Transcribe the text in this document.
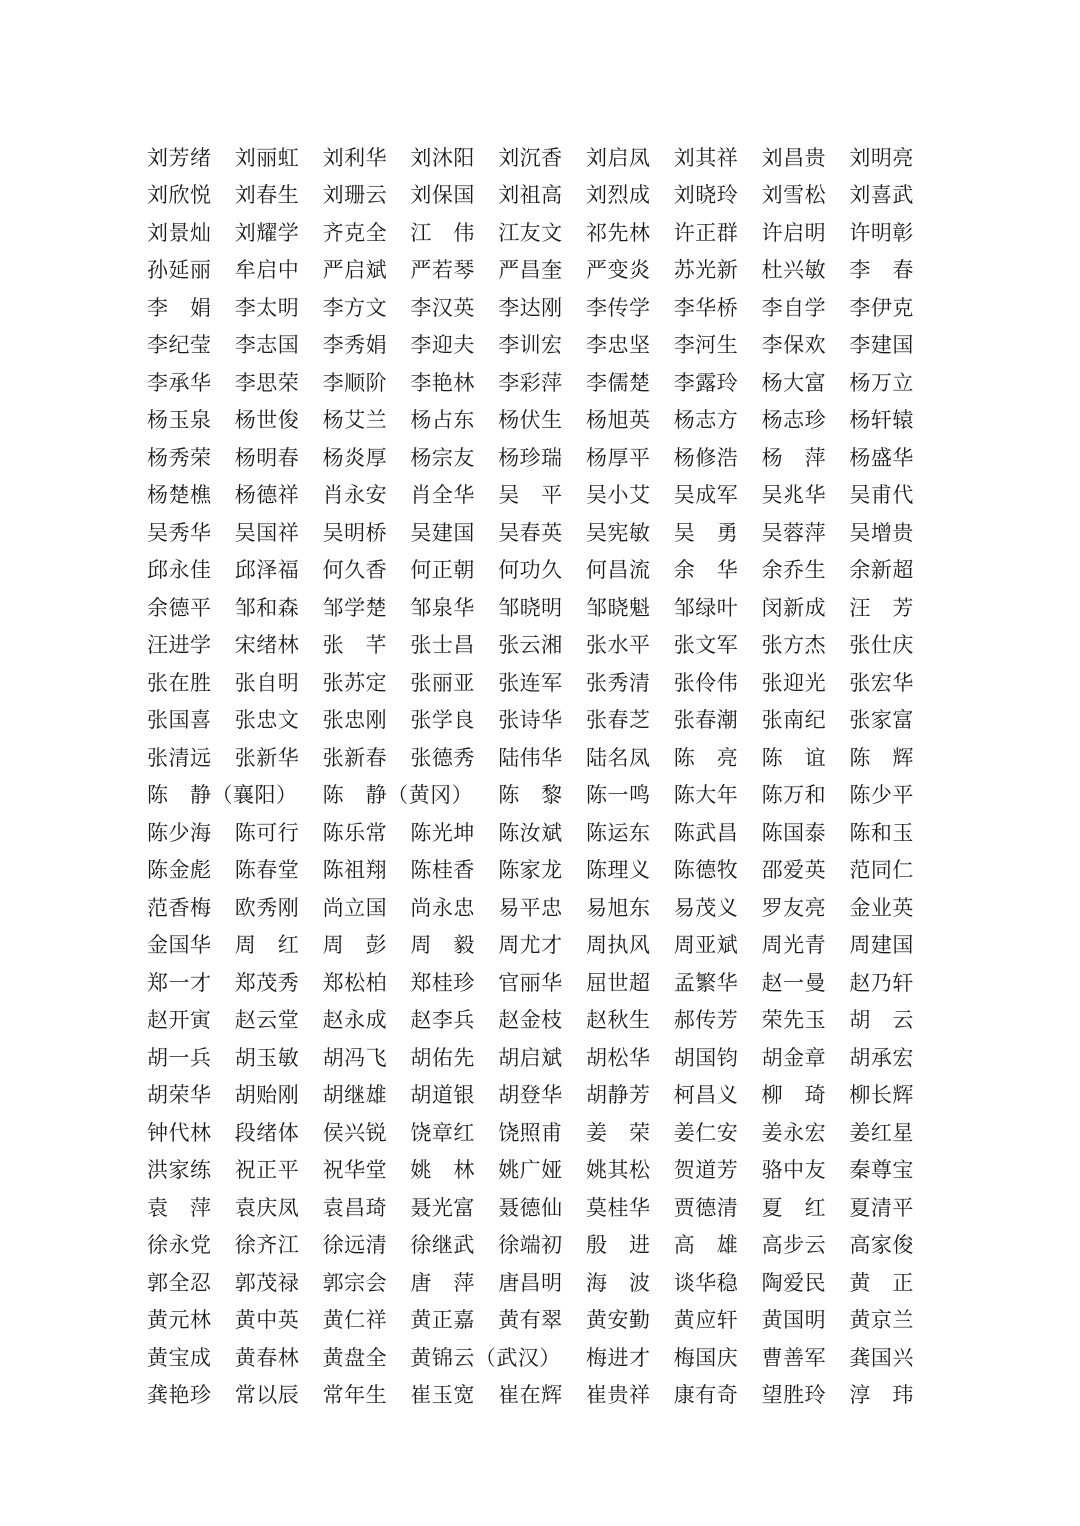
刘芳绪	刘丽虹	刘利华	刘沐阳	刘沉香	刘启凤	刘其祥	刘昌贵	刘明亮
刘欣悦	刘春生	刘珊云	刘保国	刘祖高	刘烈成	刘晓玲	刘雪松	刘喜武
刘景灿	刘耀学	齐克全	江　伟	江友文	祁先林	许正群	许启明	许明彰
孙延丽	牟启中	严启斌	严若琴	严昌奎	严变炎	苏光新	杜兴敏	李　春
李　娟	李太明	李方文	李汉英	李达刚	李传学	李华桥	李自学	李伊克
李纪莹	李志国	李秀娟	李迎夫	李训宏	李忠坚	李河生	李保欢	李建国
李承华	李思荣	李顺阶	李艳林	李彩萍	李儒楚	李露玲	杨大富	杨万立
杨玉泉	杨世俊	杨艾兰	杨占东	杨伏生	杨旭英	杨志方	杨志珍	杨轩辕
杨秀荣	杨明春	杨炎厚	杨宗友	杨珍瑞	杨厚平	杨修浩	杨　萍	杨盛华
杨楚樵	杨德祥	肖永安	肖全华	吴　平	吴小艾	吴成军	吴兆华	吴甫代
吴秀华	吴国祥	吴明桥	吴建国	吴春英	吴宪敏	吴　勇	吴蓉萍	吴增贵
邱永佳	邱泽福	何久香	何正朝	何功久	何昌流	余　华	余乔生	余新超
余德平	邹和森	邹学楚	邹泉华	邹晓明	邹晓魁	邹绿叶	闵新成	汪　芳
汪进学	宋绪林	张　芊	张士昌	张云湘	张水平	张文军	张方杰	张仕庆
张在胜	张自明	张苏定	张丽亚	张连军	张秀清	张伶伟	张迎光	张宏华
张国喜	张忠文	张忠刚	张学良	张诗华	张春芝	张春潮	张南纪	张家富
张清远	张新华	张新春	张德秀	陆伟华	陆名凤	陈　亮	陈　谊	陈　辉
陈　静（襄阳）	陈　静（黄冈）	陈　黎	陈一鸣	陈大年	陈万和	陈少平
陈少海	陈可行	陈乐常	陈光坤	陈汝斌	陈运东	陈武昌	陈国泰	陈和玉
陈金彪	陈春堂	陈祖翔	陈桂香	陈家龙	陈理义	陈德牧	邵爱英	范同仁
范香梅	欧秀刚	尚立国	尚永忠	易平忠	易旭东	易茂义	罗友亮	金业英
金国华	周　红	周　彭	周　毅	周尤才	周执风	周亚斌	周光青	周建国
郑一才	郑茂秀	郑松柏	郑桂珍	官丽华	屈世超	孟繁华	赵一曼	赵乃轩
赵开寅	赵云堂	赵永成	赵李兵	赵金枝	赵秋生	郝传芳	荣先玉	胡　云
胡一兵	胡玉敏	胡冯飞	胡佑先	胡启斌	胡松华	胡国钧	胡金章	胡承宏
胡荣华	胡贻刚	胡继雄	胡道银	胡登华	胡静芳	柯昌义	柳　琦	柳长辉
钟代林	段绪体	侯兴锐	饶章红	饶照甫	姜　荣	姜仁安	姜永宏	姜红星
洪家练	祝正平	祝华堂	姚　林	姚广娅	姚其松	贺道芳	骆中友	秦尊宝
袁　萍	袁庆凤	袁昌琦	聂光富	聂德仙	莫桂华	贾德清	夏　红	夏清平
徐永党	徐齐江	徐远清	徐继武	徐端初	殷　进	高　雄	高步云	高家俊
郭全忍	郭茂禄	郭宗会	唐　萍	唐昌明	海　波	谈华稳	陶爱民	黄　正
黄元林	黄中英	黄仁祥	黄正嘉	黄有翠	黄安勤	黄应轩	黄国明	黄京兰
黄宝成	黄春林	黄盘全	黄锦云（武汉）	梅进才	梅国庆	曹善军	龚国兴
龚艳珍	常以辰	常年生	崔玉宽	崔在辉	崔贵祥	康有奇	望胜玲	淳　玮
